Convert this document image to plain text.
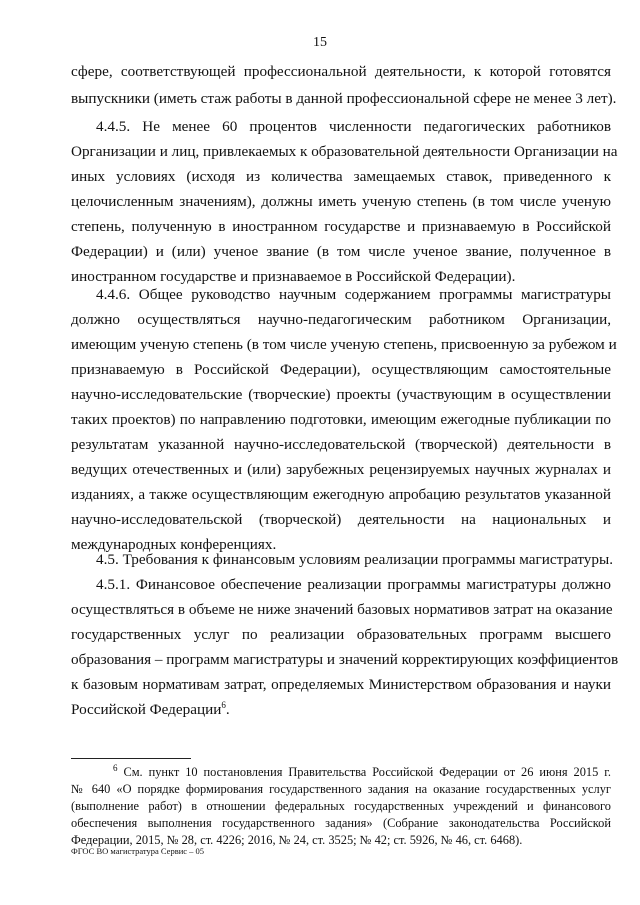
15
сфере, соответствующей профессиональной деятельности, к которой готовятся
выпускники (иметь стаж работы в данной профессиональной сфере не менее 3 лет).
4.4.5. Не менее 60 процентов численности педагогических работников
Организации и лиц, привлекаемых к образовательной деятельности Организации на
иных условиях (исходя из количества замещаемых ставок, приведенного к
целочисленным значениям), должны иметь ученую степень (в том числе ученую
степень, полученную в иностранном государстве и признаваемую в Российской
Федерации) и (или) ученое звание (в том числе ученое звание, полученное в
иностранном государстве и признаваемое в Российской Федерации).
4.4.6. Общее руководство научным содержанием программы магистратуры
должно осуществляться научно-педагогическим работником Организации,
имеющим ученую степень (в том числе ученую степень, присвоенную за рубежом и
признаваемую в Российской Федерации), осуществляющим самостоятельные
научно-исследовательские (творческие) проекты (участвующим в осуществлении
таких проектов) по направлению подготовки, имеющим ежегодные публикации по
результатам указанной научно-исследовательской (творческой) деятельности в
ведущих отечественных и (или) зарубежных рецензируемых научных журналах и
изданиях, а также осуществляющим ежегодную апробацию результатов указанной
научно-исследовательской (творческой) деятельности на национальных и
международных конференциях.
4.5. Требования к финансовым условиям реализации программы магистратуры.
4.5.1. Финансовое обеспечение реализации программы магистратуры должно
осуществляться в объеме не ниже значений базовых нормативов затрат на оказание
государственных услуг по реализации образовательных программ высшего
образования – программ магистратуры и значений корректирующих коэффициентов
к базовым нормативам затрат, определяемых Министерством образования и науки
Российской Федерации$^6$.
$^6$ См. пункт 10 постановления Правительства Российской Федерации от 26 июня 2015 г.
№ 640 «О порядке формирования государственного задания на оказание государственных услуг
(выполнение работ) в отношении федеральных государственных учреждений и финансового
обеспечения выполнения государственного задания» (Собрание законодательства Российской
Федерации, 2015, № 28, ст. 4226; 2016, № 24, ст. 3525; № 42; ст. 5926, № 46, ст. 6468).
ФГОС ВО магистратура Сервис – 05
